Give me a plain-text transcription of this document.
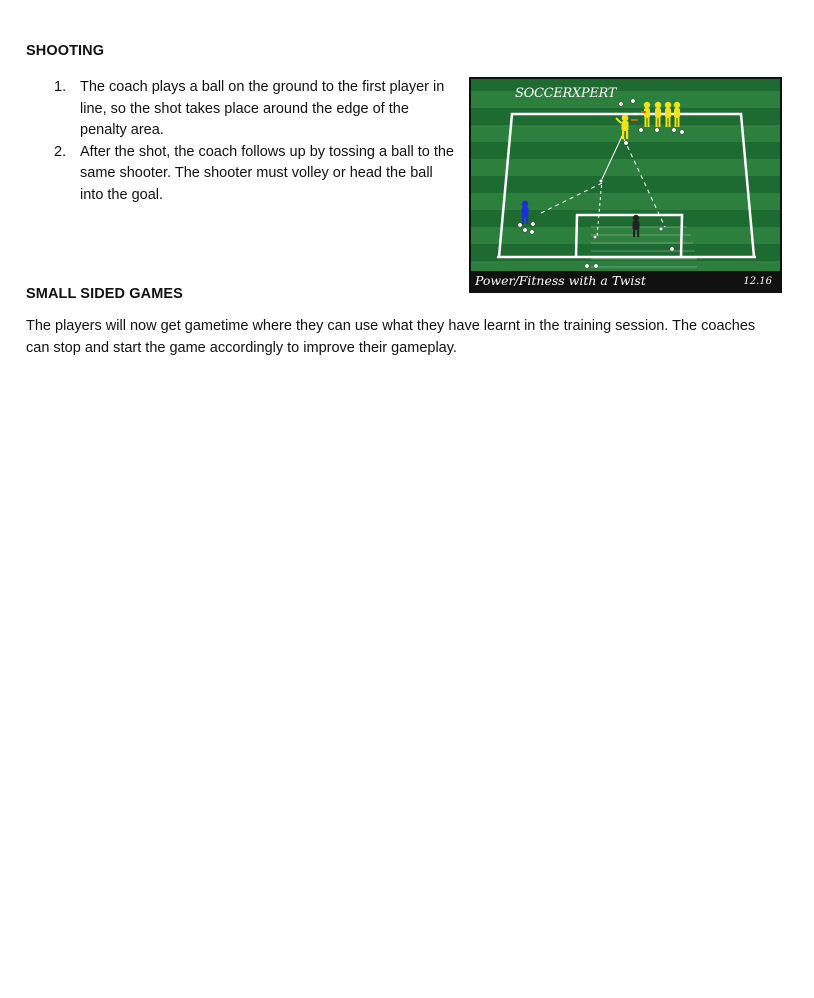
SHOOTING
1. The coach plays a ball on the ground to the first player in line, so the shot takes place around the edge of the penalty area.
2. After the shot, the coach follows up by tossing a ball to the same shooter. The shooter must volley or head the ball into the goal.
SOCCERXPERT
Power/Fitness with a Twist	12.16
SMALL SIDED GAMES

The players will now get gametime where they can use what they have learnt in the training session. The coaches can stop and start the game accordingly to improve their gameplay.
